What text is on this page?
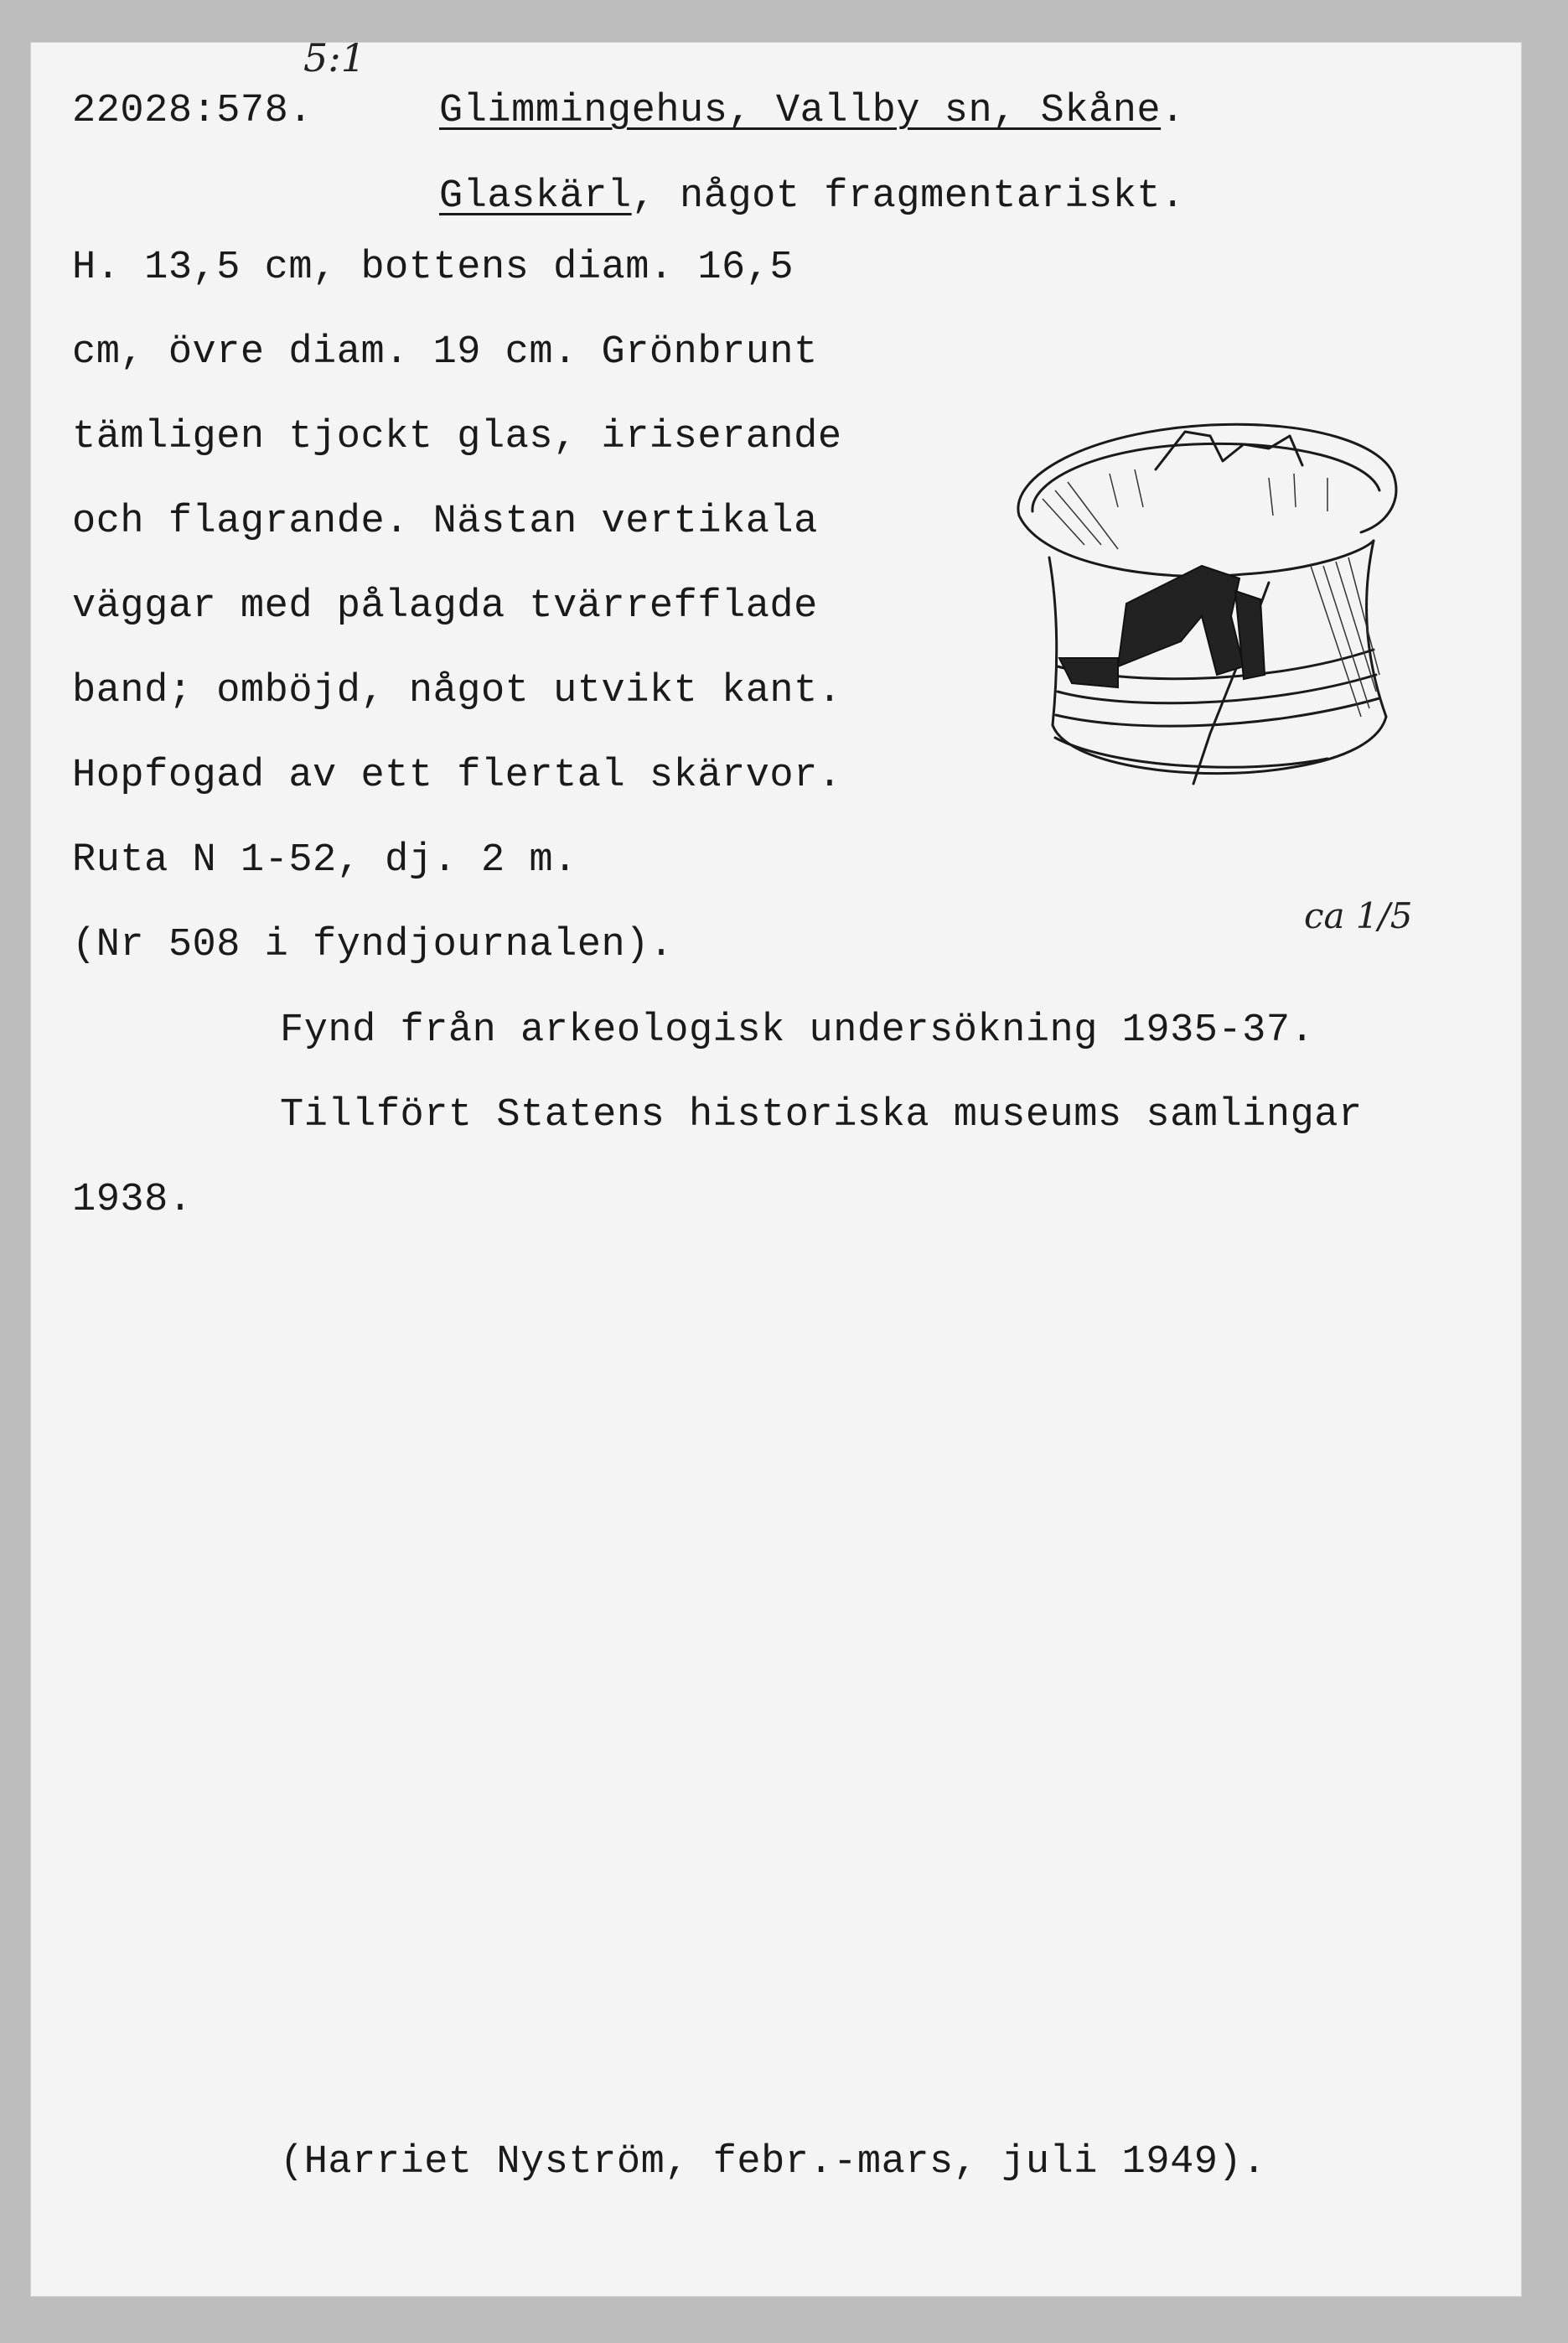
22028:578.
5:1
Glimmingehus, Vallby sn, Skåne.
Glaskärl, något fragmentariskt.
H. 13,5 cm, bottens diam. 16,5
cm, övre diam. 19 cm. Grönbrunt
tämligen tjockt glas, iriserande
och flagrande. Nästan vertikala
väggar med pålagda tvärrefflade
band; omböjd, något utvikt kant.
Hopfogad av ett flertal skärvor.
Ruta N 1-52, dj. 2 m.
(Nr 508 i fyndjournalen).
ca 1/5
Fynd från arkeologisk undersökning 1935-37.
Tillfört Statens historiska museums samlingar
1938.
(Harriet Nyström, febr.-mars, juli 1949).
